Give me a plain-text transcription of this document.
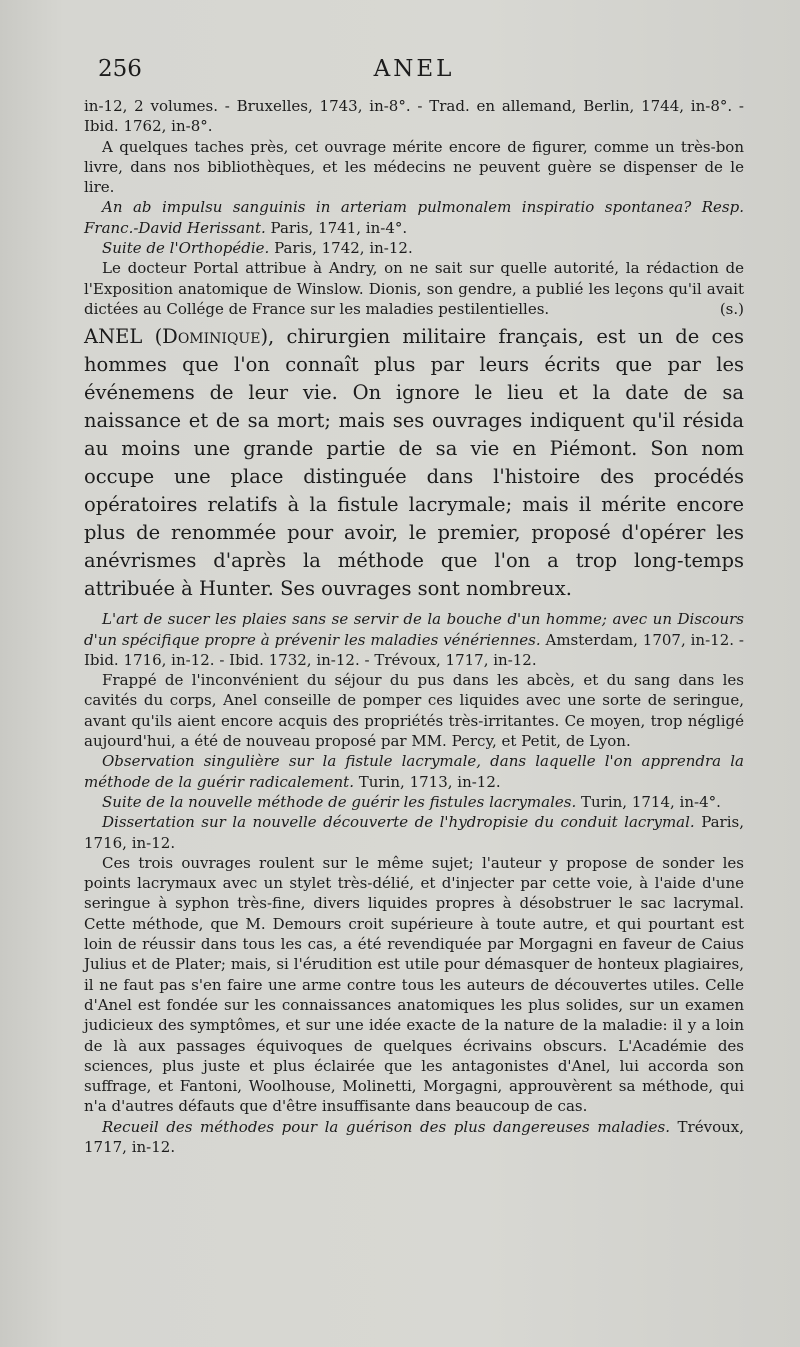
256	ANEL

in-12, 2 volumes. - Bruxelles, 1743, in-8°. - Trad. en allemand, Berlin, 1744, in-8°. - Ibid. 1762, in-8°.

A quelques taches près, cet ouvrage mérite encore de figurer, comme un très-bon livre, dans nos bibliothèques, et les médecins ne peuvent guère se dispenser de le lire.

An ab impulsu sanguinis in arteriam pulmonalem inspiratio spontanea? Resp. Franc.-David Herissant. Paris, 1741, in-4°.

Suite de l'Orthopédie. Paris, 1742, in-12.

Le docteur Portal attribue à Andry, on ne sait sur quelle autorité, la rédaction de l'Exposition anatomique de Winslow. Dionis, son gendre, a publié les leçons qu'il avait dictées au Collége de France sur les maladies pestilentielles.	(s.)

ANEL (Dominique), chirurgien militaire français, est un de ces hommes que l'on connaît plus par leurs écrits que par les événemens de leur vie. On ignore le lieu et la date de sa naissance et de sa mort; mais ses ouvrages indiquent qu'il résida au moins une grande partie de sa vie en Piémont. Son nom occupe une place distinguée dans l'histoire des procédés opératoires relatifs à la fistule lacrymale; mais il mérite encore plus de renommée pour avoir, le premier, proposé d'opérer les anévrismes d'après la méthode que l'on a trop long-temps attribuée à Hunter. Ses ouvrages sont nombreux.

L'art de sucer les plaies sans se servir de la bouche d'un homme; avec un Discours d'un spécifique propre à prévenir les maladies vénériennes. Amsterdam, 1707, in-12. - Ibid. 1716, in-12. - Ibid. 1732, in-12. - Trévoux, 1717, in-12.

Frappé de l'inconvénient du séjour du pus dans les abcès, et du sang dans les cavités du corps, Anel conseille de pomper ces liquides avec une sorte de seringue, avant qu'ils aient encore acquis des propriétés très-irritantes. Ce moyen, trop négligé aujourd'hui, a été de nouveau proposé par MM. Percy, et Petit, de Lyon.

Observation singulière sur la fistule lacrymale, dans laquelle l'on apprendra la méthode de la guérir radicalement. Turin, 1713, in-12.

Suite de la nouvelle méthode de guérir les fistules lacrymales. Turin, 1714, in-4°.

Dissertation sur la nouvelle découverte de l'hydropisie du conduit lacrymal. Paris, 1716, in-12.

Ces trois ouvrages roulent sur le même sujet; l'auteur y propose de sonder les points lacrymaux avec un stylet très-délié, et d'injecter par cette voie, à l'aide d'une seringue à syphon très-fine, divers liquides propres à désobstruer le sac lacrymal. Cette méthode, que M. Demours croit supérieure à toute autre, et qui pourtant est loin de réussir dans tous les cas, a été revendiquée par Morgagni en faveur de Caius Julius et de Plater; mais, si l'érudition est utile pour démasquer de honteux plagiaires, il ne faut pas s'en faire une arme contre tous les auteurs de découvertes utiles. Celle d'Anel est fondée sur les connaissances anatomiques les plus solides, sur un examen judicieux des symptômes, et sur une idée exacte de la nature de la maladie: il y a loin de là aux passages équivoques de quelques écrivains obscurs. L'Académie des sciences, plus juste et plus éclairée que les antagonistes d'Anel, lui accorda son suffrage, et Fantoni, Woolhouse, Molinetti, Morgagni, approuvèrent sa méthode, qui n'a d'autres défauts que d'être insuffisante dans beaucoup de cas.

Recueil des méthodes pour la guérison des plus dangereuses maladies. Trévoux, 1717, in-12.
